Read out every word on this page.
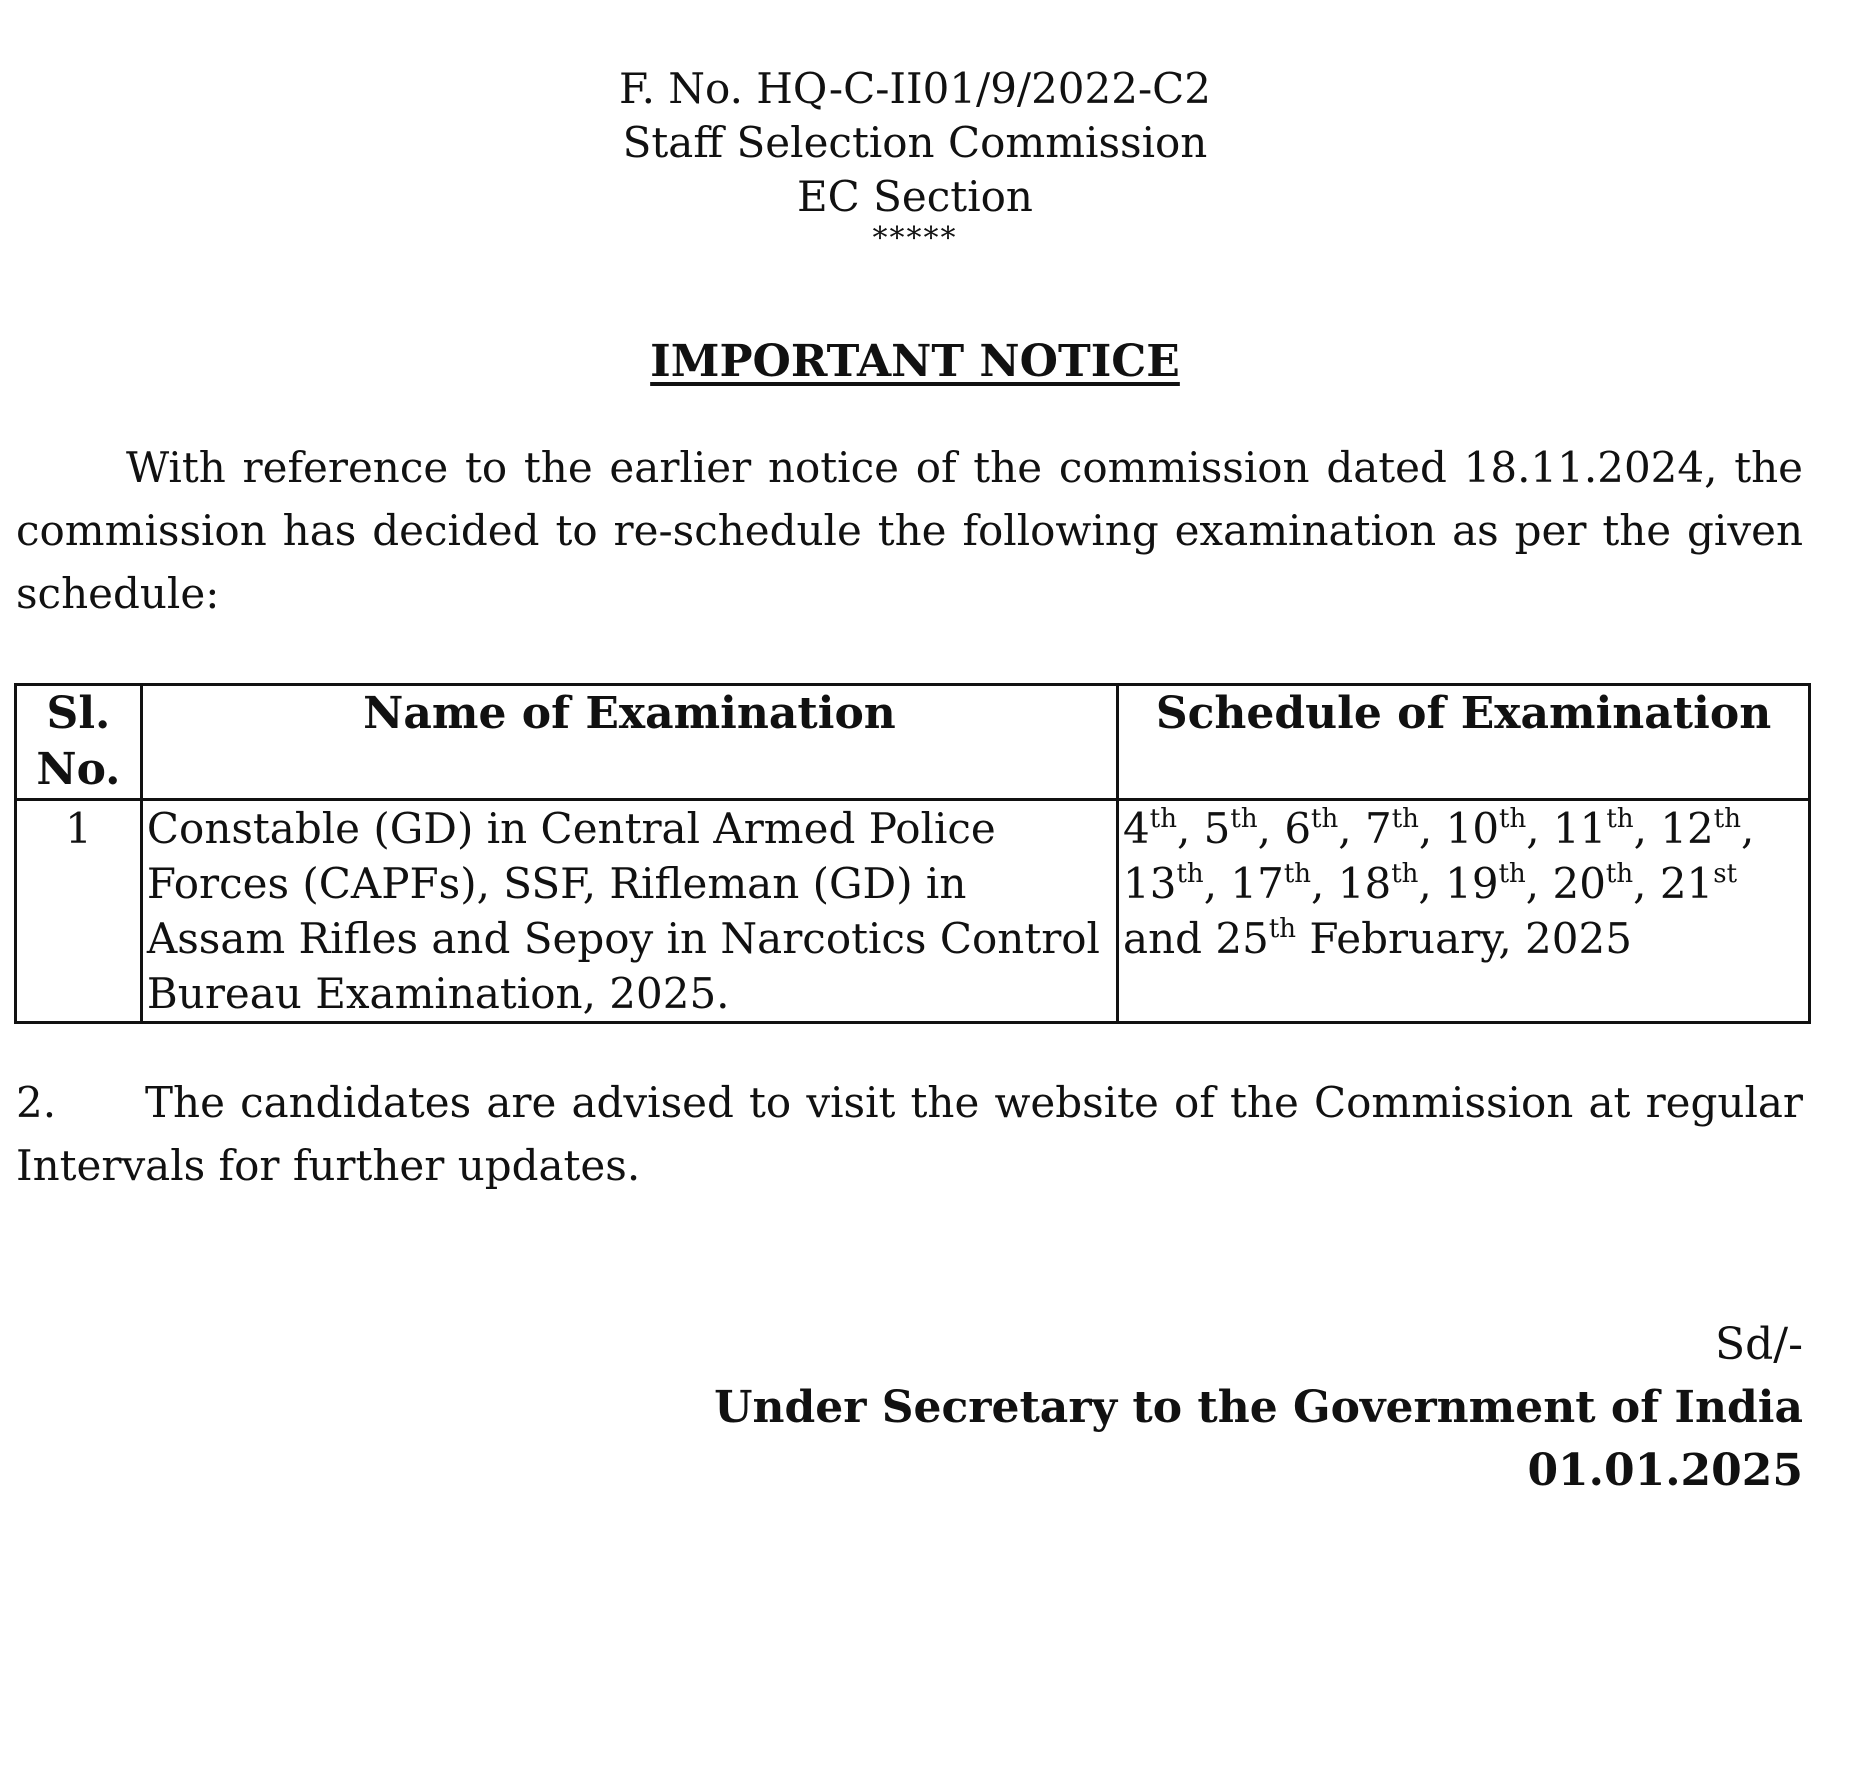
F. No. HQ-C-II01/9/2022-C2
Staff Selection Commission
EC Section
*****
IMPORTANT NOTICE
With reference to the earlier notice of the commission dated 18.11.2024, the commission has decided to re-schedule the following examination as per the given schedule:
Sl. No.	Name of Examination	Schedule of Examination
1	Constable (GD) in Central Armed Police Forces (CAPFs), SSF, Rifleman (GD) in Assam Rifles and Sepoy in Narcotics Control Bureau Examination, 2025.	4th, 5th, 6th, 7th, 10th, 11th, 12th, 13th, 17th, 18th, 19th, 20th, 21st and 25th February, 2025
2. The candidates are advised to visit the website of the Commission at regular Intervals for further updates.
Sd/-
Under Secretary to the Government of India
01.01.2025
